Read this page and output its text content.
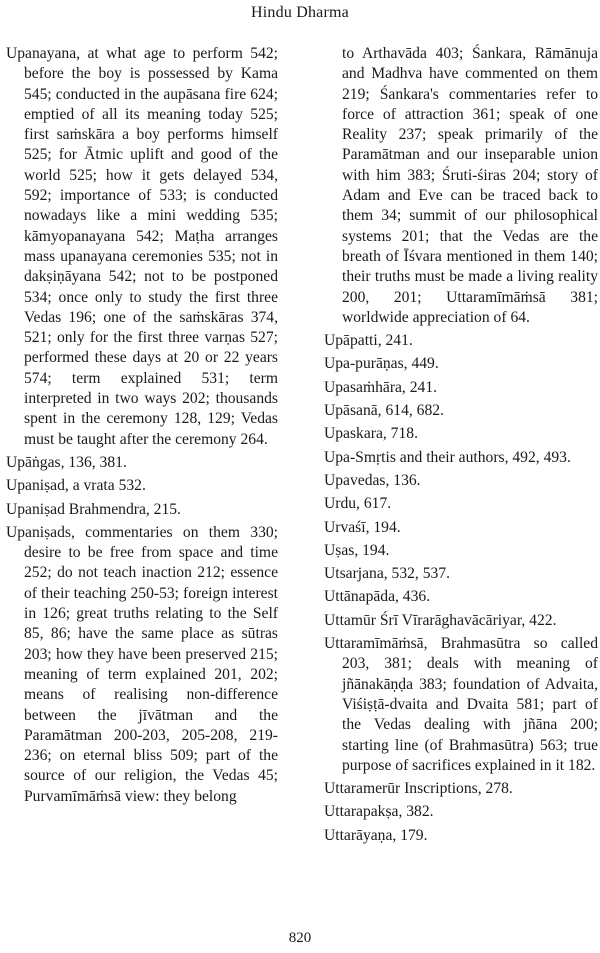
Hindu Dharma

Upanayana, at what age to perform 542; before the boy is possessed by Kama 545; conducted in the aupāsana fire 624; emptied of all its meaning today 525; first saṁskāra a boy performs himself 525; for Ātmic uplift and good of the world 525; how it gets delayed 534, 592; importance of 533; is conducted nowadays like a mini wedding 535; kāmyopanayana 542; Maṭha arranges mass upanayana ceremonies 535; not in dakṣiṇāyana 542; not to be postponed 534; once only to study the first three Vedas 196; one of the saṁskāras 374, 521; only for the first three varṇas 527; performed these days at 20 or 22 years 574; term explained 531; term interpreted in two ways 202; thousands spent in the ceremony 128, 129; Vedas must be taught after the ceremony 264.

Upāṅgas, 136, 381.

Upaniṣad, a vrata 532.

Upaniṣad Brahmendra, 215.

Upaniṣads, commentaries on them 330; desire to be free from space and time 252; do not teach inaction 212; essence of their teaching 250-53; foreign interest in 126; great truths relating to the Self 85, 86; have the same place as sūtras 203; how they have been preserved 215; meaning of term explained 201, 202; means of realising non-difference between the jīvātman and the Paramātman 200-203, 205-208, 219-236; on eternal bliss 509; part of the source of our religion, the Vedas 45; Purvamīmāṁsā view: they belong

to Arthavāda 403; Śankara, Rāmānuja and Madhva have commented on them 219; Śankara's commentaries refer to force of attraction 361; speak of one Reality 237; speak primarily of the Paramātman and our inseparable union with him 383; Śruti-śiras 204; story of Adam and Eve can be traced back to them 34; summit of our philosophical systems 201; that the Vedas are the breath of Īśvara mentioned in them 140; their truths must be made a living reality 200, 201; Uttaramīmāṁsā 381; worldwide appreciation of 64.

Upāpatti, 241.

Upa-purāṇas, 449.

Upasaṁhāra, 241.

Upāsanā, 614, 682.

Upaskara, 718.

Upa-Smṛtis and their authors, 492, 493.

Upavedas, 136.

Urdu, 617.

Urvaśī, 194.

Uṣas, 194.

Utsarjana, 532, 537.

Uttānapāda, 436.

Uttamūr Śrī Vīrarāghavācāriyar, 422.

Uttaramīmāṁsā, Brahmasūtra so called 203, 381; deals with meaning of jñānakāṇḍa 383; foundation of Advaita, Viśiṣṭā-dvaita and Dvaita 581; part of the Vedas dealing with jñāna 200; starting line (of Brahmasūtra) 563; true purpose of sacrifices explained in it 182.

Uttaramerūr Inscriptions, 278.

Uttarapakṣa, 382.

Uttarāyaṇa, 179.

820
